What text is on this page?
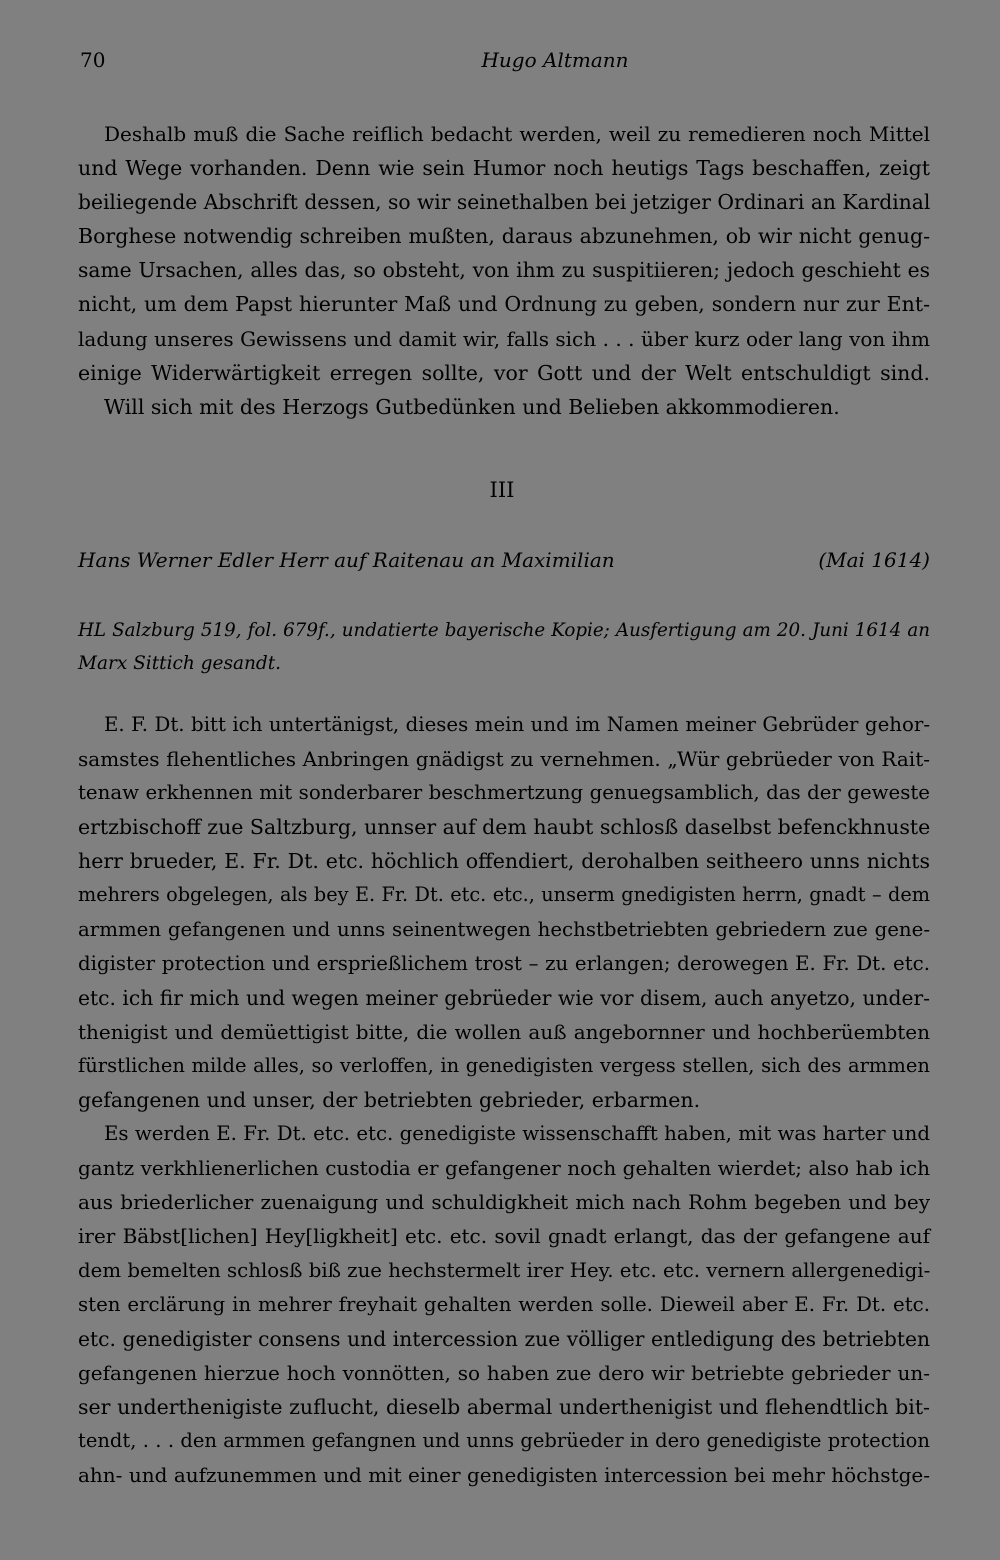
70	Hugo Altmann
Deshalb muß die Sache reiflich bedacht werden, weil zu remedieren noch Mittel
und Wege vorhanden. Denn wie sein Humor noch heutigs Tags beschaffen, zeigt
beiliegende Abschrift dessen, so wir seinethalben bei jetziger Ordinari an Kardinal
Borghese notwendig schreiben mußten, daraus abzunehmen, ob wir nicht genug-
same Ursachen, alles das, so obsteht, von ihm zu suspitiieren; jedoch geschieht es
nicht, um dem Papst hierunter Maß und Ordnung zu geben, sondern nur zur Ent-
ladung unseres Gewissens und damit wir, falls sich . . . über kurz oder lang von ihm
einige Widerwärtigkeit erregen sollte, vor Gott und der Welt entschuldigt sind.
Will sich mit des Herzogs Gutbedünken und Belieben akkommodieren.
III
Hans Werner Edler Herr auf Raitenau an Maximilian	(Mai 1614)
HL Salzburg 519, fol. 679f., undatierte bayerische Kopie; Ausfertigung am 20. Juni 1614 an
Marx Sittich gesandt.
E. F. Dt. bitt ich untertänigst, dieses mein und im Namen meiner Gebrüder gehor-
samstes flehentliches Anbringen gnädigst zu vernehmen. „Wür gebrüeder von Rait-
tenaw erkhennen mit sonderbarer beschmertzung genuegsamblich, das der geweste
ertzbischoff zue Saltzburg, unnser auf dem haubt schlosß daselbst befenckhnuste
herr brueder, E. Fr. Dt. etc. höchlich offendiert, derohalben seitheero unns nichts
mehrers obgelegen, als bey E. Fr. Dt. etc. etc., unserm gnedigisten herrn, gnadt – dem
armmen gefangenen und unns seinentwegen hechstbetriebten gebriedern zue gene-
digister protection und ersprießlichem trost – zu erlangen; derowegen E. Fr. Dt. etc.
etc. ich fir mich und wegen meiner gebrüeder wie vor disem, auch anyetzo, under-
thenigist und demüettigist bitte, die wollen auß angebornner und hochberüembten
fürstlichen milde alles, so verloffen, in genedigisten vergess stellen, sich des armmen
gefangenen und unser, der betriebten gebrieder, erbarmen.
Es werden E. Fr. Dt. etc. etc. genedigiste wissenschafft haben, mit was harter und
gantz verkhlienerlichen custodia er gefangener noch gehalten wierdet; also hab ich
aus briederlicher zuenaigung und schuldigkheit mich nach Rohm begeben und bey
irer Bäbst[lichen] Hey[ligkheit] etc. etc. sovil gnadt erlangt, das der gefangene auf
dem bemelten schlosß biß zue hechstermelt irer Hey. etc. etc. vernern allergenedigi-
sten erclärung in mehrer freyhait gehalten werden solle. Dieweil aber E. Fr. Dt. etc.
etc. genedigister consens und intercession zue völliger entledigung des betriebten
gefangenen hierzue hoch vonnötten, so haben zue dero wir betriebte gebrieder un-
ser underthenigiste zuflucht, dieselb abermal underthenigist und flehendtlich bit-
tendt, . . . den armmen gefangnen und unns gebrüeder in dero genedigiste protection
ahn- und aufzunemmen und mit einer genedigisten intercession bei mehr höchstge-
